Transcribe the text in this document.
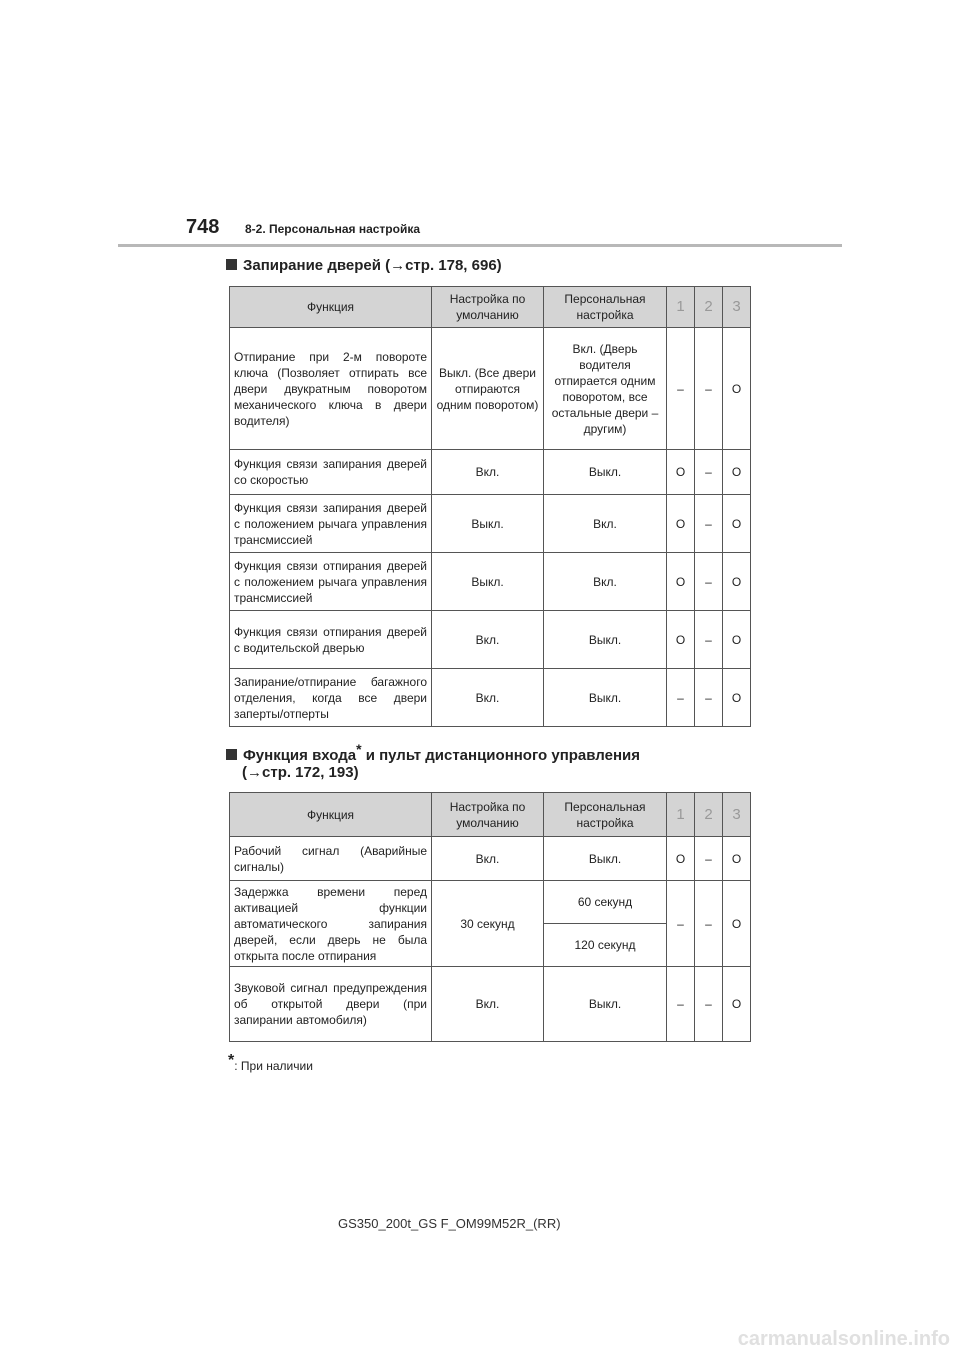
748 8-2. Персональная настройка
Запирание дверей (→стр. 178, 696)
Функция	Настройка по умолчанию	Персональная настройка	1	2	3
Отпирание при 2-м повороте ключа (Позволяет отпирать все двери двукратным поворотом механического ключа в двери водителя)	Выкл. (Все двери отпираются одним поворотом)	Вкл. (Дверь водителя отпирается одним поворотом, все остальные двери – другим)	–	–	O
Функция связи запирания дверей со скоростью	Вкл.	Выкл.	O	–	O
Функция связи запирания дверей с положением рычага управления трансмиссией	Выкл.	Вкл.	O	–	O
Функция связи отпирания дверей с положением рычага управления трансмиссией	Выкл.	Вкл.	O	–	O
Функция связи отпирания дверей с водительской дверью	Вкл.	Выкл.	O	–	O
Запирание/отпирание багажного отделения, когда все двери заперты/отперты	Вкл.	Выкл.	–	–	O
Функция входа* и пульт дистанционного управления
(→стр. 172, 193)
Функция	Настройка по умолчанию	Персональная настройка	1	2	3
Рабочий сигнал (Аварийные сигналы)	Вкл.	Выкл.	O	–	O
Задержка времени перед активацией функции автоматического запирания дверей, если дверь не была открыта после отпирания	30 секунд	60 секунд	–	–	O
		120 секунд			
Звуковой сигнал предупреждения об открытой двери (при запирании автомобиля)	Вкл.	Выкл.	–	–	O
*: При наличии
GS350_200t_GS F_OM99M52R_(RR)
carmanualsonline.info
